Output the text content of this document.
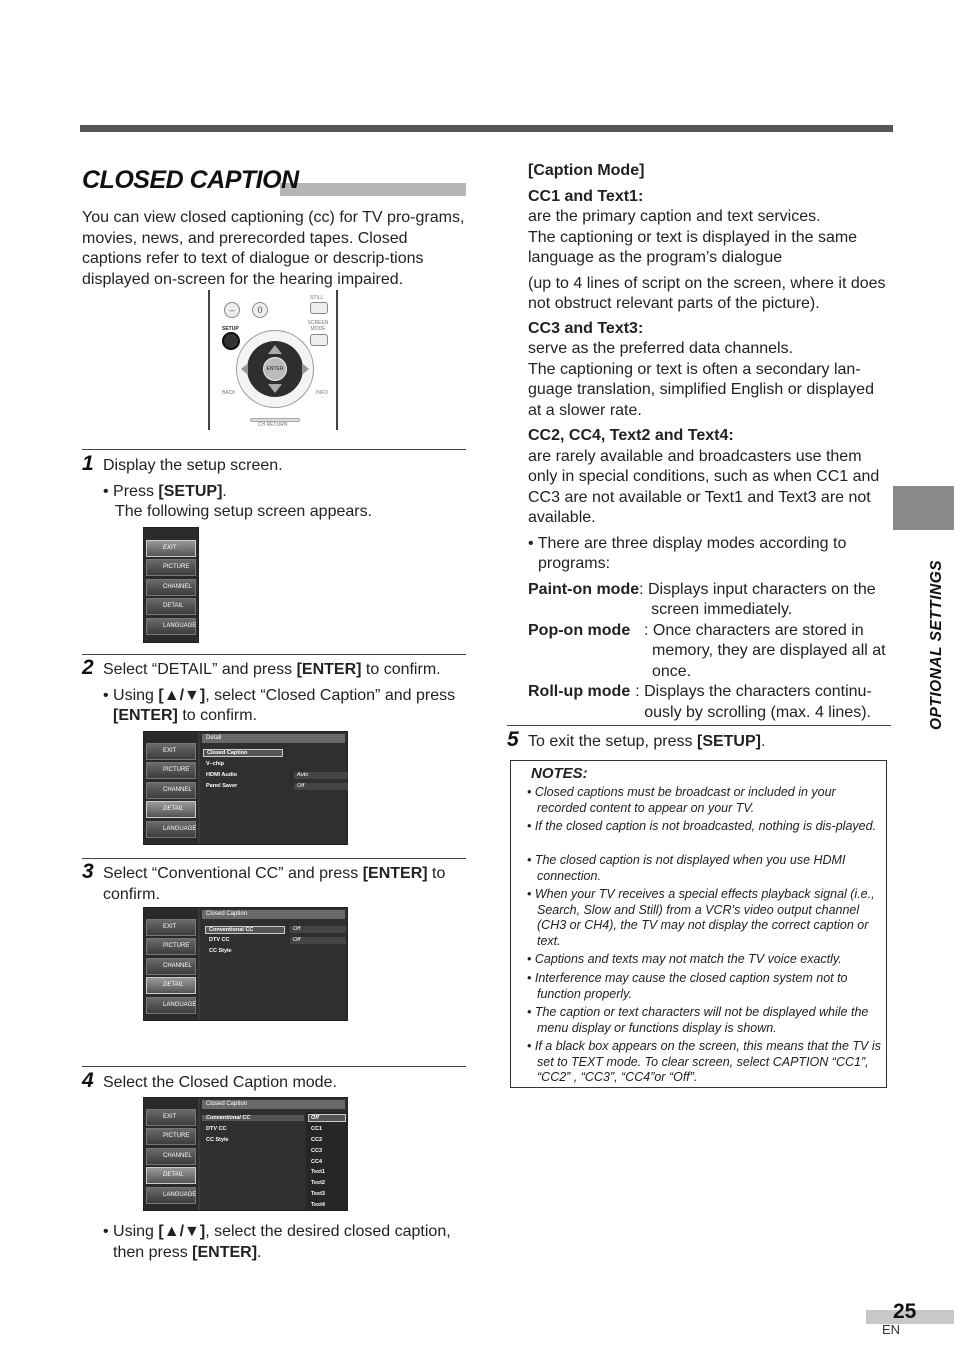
CLOSED CAPTION
You can view closed captioning (cc) for TV pro-grams, movies, news, and prerecorded tapes. Closed captions refer to text of dialogue or descrip-tions displayed on-screen for the hearing impaired.
–	0
STILL
SETUP
SCREEN MODE
ENTER
BACK	INFO
CH RETURN
1 Display the setup screen.
• Press [SETUP].
The following setup screen appears.
EXIT
PICTURE
CHANNEL
DETAIL
LANGUAGE
2 Select “DETAIL” and press [ENTER] to confirm.
• Using [▲/▼], select “Closed Caption” and press [ENTER] to confirm.
EXIT
PICTURE
CHANNEL
DETAIL
LANGUAGE
Detail
Closed Caption
V–chip
HDMI Audio	Auto
Panel Saver	Off
3 Select “Conventional CC” and press [ENTER] to confirm.
EXIT
PICTURE
CHANNEL
DETAIL
LANGUAGE
Closed Caption
Conventional CC	Off
DTV CC	Off
CC Style
4 Select the Closed Caption mode.
EXIT
PICTURE
CHANNEL
DETAIL
LANGUAGE
Closed Caption
Conventional CC
DTV CC
CC Style
Off
CC1
CC2
CC3
CC4
Text1
Text2
Text3
Text4
• Using [▲/▼], select the desired closed caption, then press [ENTER].
[Caption Mode]
CC1 and Text1:
are the primary caption and text services.
The captioning or text is displayed in the same language as the program’s dialogue
(up to 4 lines of script on the screen, where it does not obstruct relevant parts of the picture).
CC3 and Text3:
serve as the preferred data channels.
The captioning or text is often a secondary lan-guage translation, simplified English or displayed at a slower rate.
CC2, CC4, Text2 and Text4:
are rarely available and broadcasters use them only in special conditions, such as when CC1 and CC3 are not available or Text1 and Text3 are not available.
• There are three display modes according to programs:
Paint-on mode : Displays input characters on the screen immediately.
Pop-on mode : Once characters are stored in memory, they are displayed all at once.
Roll-up mode : Displays the characters continu-ously by scrolling (max. 4 lines).
5 To exit the setup, press [SETUP].
NOTES:
• Closed captions must be broadcast or included in your recorded content to appear on your TV.
• If the closed caption is not broadcasted, nothing is dis-played.
• The closed caption is not displayed when you use HDMI connection.
• When your TV receives a special effects playback signal (i.e., Search, Slow and Still) from a VCR’s video output channel (CH3 or CH4), the TV may not display the correct caption or text.
• Captions and texts may not match the TV voice exactly.
• Interference may cause the closed caption system not to function properly.
• The caption or text characters will not be displayed while the menu display or functions display is shown.
• If a black box appears on the screen, this means that the TV is set to TEXT mode. To clear screen, select CAPTION “CC1”, “CC2” , “CC3”, “CC4”or “Off”.
OPTIONAL SETTINGS
25
EN
